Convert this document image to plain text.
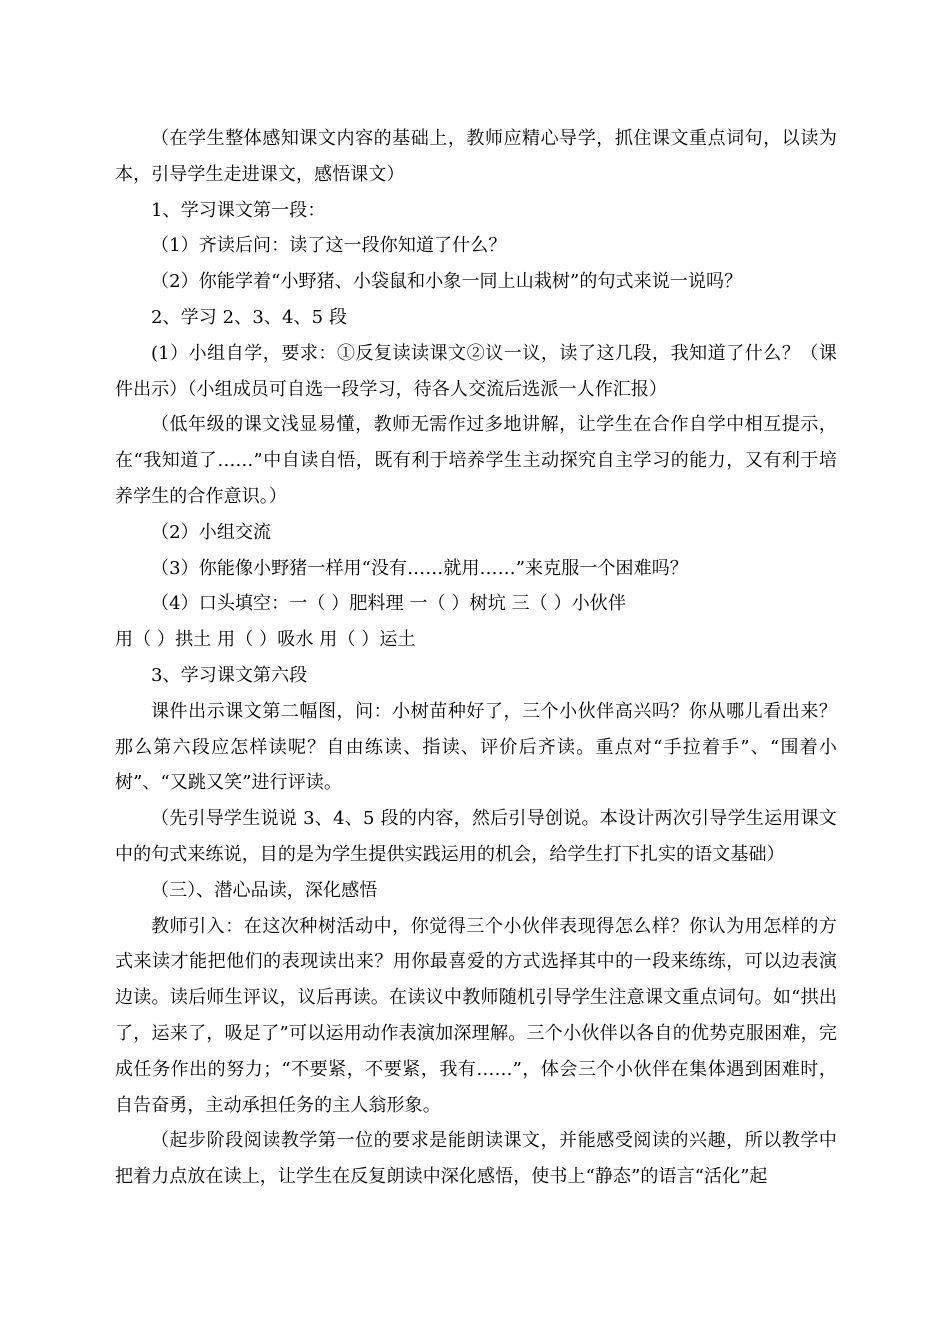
（在学生整体感知课文内容的基础上，教师应精心导学，抓住课文重点词句，以读为本，引导学生走进课文，感悟课文）

1、学习课文第一段：

（1）齐读后问：读了这一段你知道了什么？

（2）你能学着“小野猪、小袋鼠和小象一同上山栽树”的句式来说一说吗？

2、学习 2、3、4、5 段

(1）小组自学，要求：①反复读读课文②议一议，读了这几段，我知道了什么？（课件出示）（小组成员可自选一段学习，待各人交流后选派一人作汇报）

（低年级的课文浅显易懂，教师无需作过多地讲解，让学生在合作自学中相互提示，在“我知道了……”中自读自悟，既有利于培养学生主动探究自主学习的能力，又有利于培养学生的合作意识。）

（2）小组交流

（3）你能像小野猪一样用“没有……就用……”来克服一个困难吗？

（4）口头填空：一（ ）肥料理 一（ ）树坑 三（ ）小伙伴

用（ ）拱土 用（ ）吸水 用（ ）运土

3、学习课文第六段

课件出示课文第二幅图，问：小树苗种好了，三个小伙伴高兴吗？你从哪儿看出来？那么第六段应怎样读呢？自由练读、指读、评价后齐读。重点对“手拉着手”、“围着小树”、“又跳又笑”进行评读。

（先引导学生说说 3、4、5 段的内容，然后引导创说。本设计两次引导学生运用课文中的句式来练说，目的是为学生提供实践运用的机会，给学生打下扎实的语文基础）

（三）、潜心品读，深化感悟

教师引入：在这次种树活动中，你觉得三个小伙伴表现得怎么样？你认为用怎样的方式来读才能把他们的表现读出来？用你最喜爱的方式选择其中的一段来练练，可以边表演边读。读后师生评议，议后再读。在读议中教师随机引导学生注意课文重点词句。如“拱出了，运来了，吸足了”可以运用动作表演加深理解。三个小伙伴以各自的优势克服困难，完成任务作出的努力；“不要紧，不要紧，我有……”，体会三个小伙伴在集体遇到困难时，自告奋勇，主动承担任务的主人翁形象。

（起步阶段阅读教学第一位的要求是能朗读课文，并能感受阅读的兴趣，所以教学中把着力点放在读上，让学生在反复朗读中深化感悟，使书上“静态”的语言“活化”起
